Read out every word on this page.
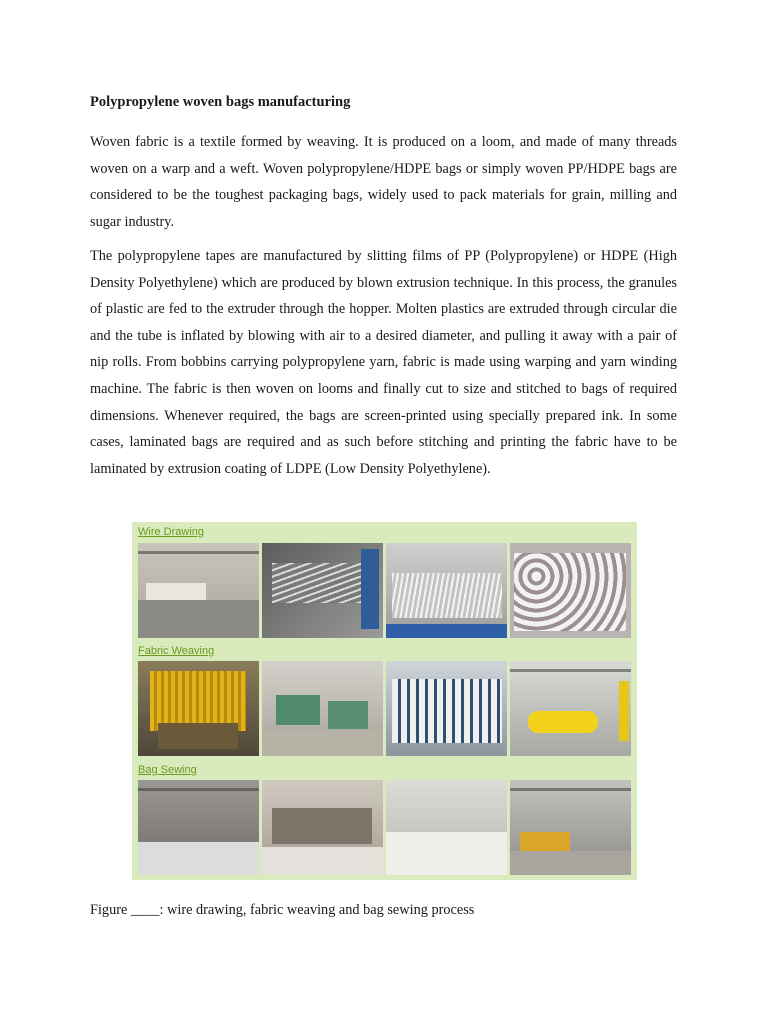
Polypropylene woven bags manufacturing

Woven fabric is a textile formed by weaving. It is produced on a loom, and made of many threads woven on a warp and a weft. Woven polypropylene/HDPE bags or simply woven PP/HDPE bags are considered to be the toughest packaging bags, widely used to pack materials for grain, milling and sugar industry.

The polypropylene tapes are manufactured by slitting films of PP (Polypropylene) or HDPE (High Density Polyethylene) which are produced by blown extrusion technique. In this process, the granules of plastic are fed to the extruder through the hopper. Molten plastics are extruded through circular die and the tube is inflated by blowing with air to a desired diameter, and pulling it away with a pair of nip rolls. From bobbins carrying polypropylene yarn, fabric is made using warping and yarn winding machine. The fabric is then woven on looms and finally cut to size and stitched to bags of required dimensions. Whenever required, the bags are screen-printed using specially prepared ink. In some cases, laminated bags are required and as such before stitching and printing the fabric have to be laminated by extrusion coating of LDPE (Low Density Polyethylene).

Wire Drawing
Fabric Weaving
Bag Sewing
Figure ____: wire drawing, fabric weaving and bag sewing process
